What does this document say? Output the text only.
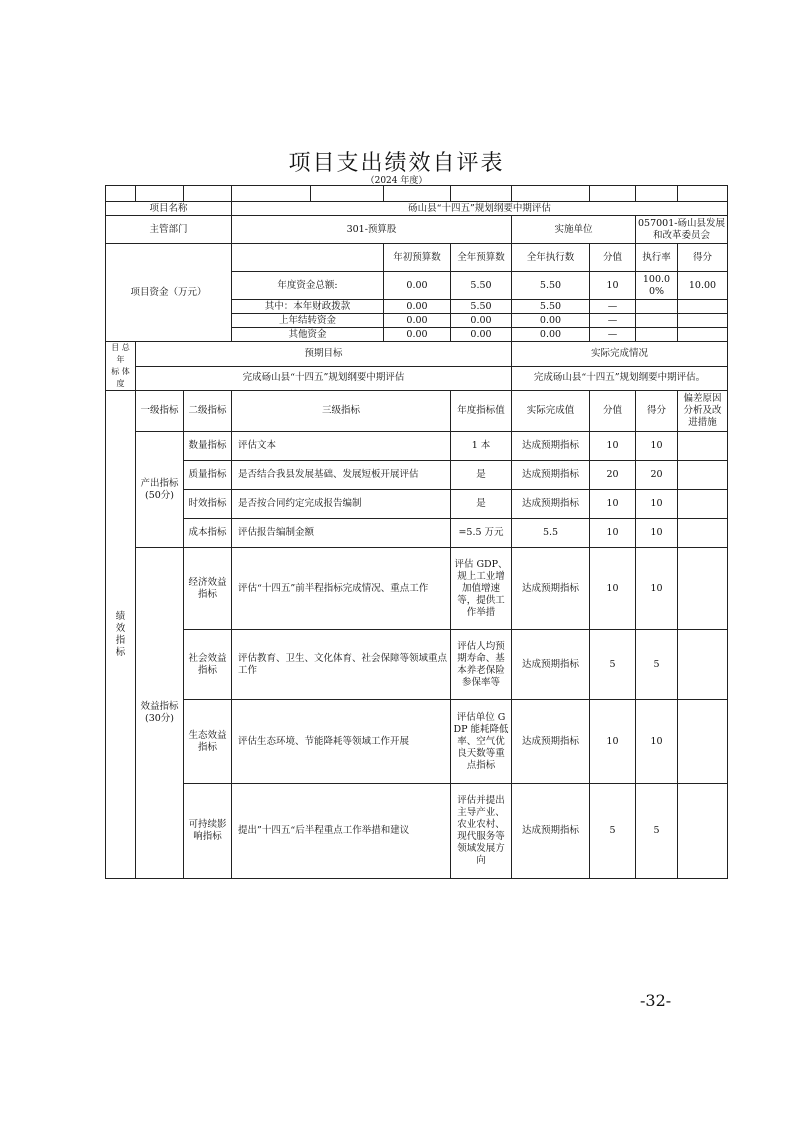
项目支出绩效自评表
（2024 年度）

项目名称			砀山县“十四五”规划纲要中期评估							
主管部门			301-预算股				实施单位		057001-砀山县发展和改革委员会	
项目资金（万元）					年初预算数	全年预算数	全年执行数	分值	执行率	得分
			年度资金总额:		0.00	5.50	5.50	10	100.00%	10.00
			其中：本年财政拨款		0.00	5.50	5.50	—		
			上年结转资金		0.00	0.00	0.00	—		
			其他资金		0.00	0.00	0.00	—		
目 总 年
标 体 度	预期目标						实际完成情况			
	完成砀山县“十四五”规划纲要中期评估						完成砀山县“十四五”规划纲要中期评估。			
绩效指标	一级指标	二级指标	三级指标			年度指标值	实际完成值	分值	得分	偏差原因分析及改进措施
	产出指标(50分)	数量指标	评估文本			1 本	达成预期指标	10	10	
		质量指标	是否结合我县发展基础、发展短板开展评估			是	达成预期指标	20	20	
		时效指标	是否按合同约定完成报告编制			是	达成预期指标	10	10	
		成本指标	评估报告编制金额			=5.5 万元	5.5	10	10	
	效益指标(30分)	经济效益指标	评估“十四五”前半程指标完成情况、重点工作			评估 GDP、规上工业增加值增速等，提供工作举措	达成预期指标	10	10	
		社会效益指标	评估教育、卫生、文化体育、社会保障等领域重点工作			评估人均预期寿命、基本养老保险参保率等	达成预期指标	5	5	
		生态效益指标	评估生态环境、节能降耗等领域工作开展			评估单位 GDP 能耗降低率、空气优良天数等重点指标	达成预期指标	10	10	
		可持续影响指标	提出”十四五“后半程重点工作举措和建议			评估并提出主导产业、农业农村、现代服务等领域发展方向	达成预期指标	5	5	
-32-
